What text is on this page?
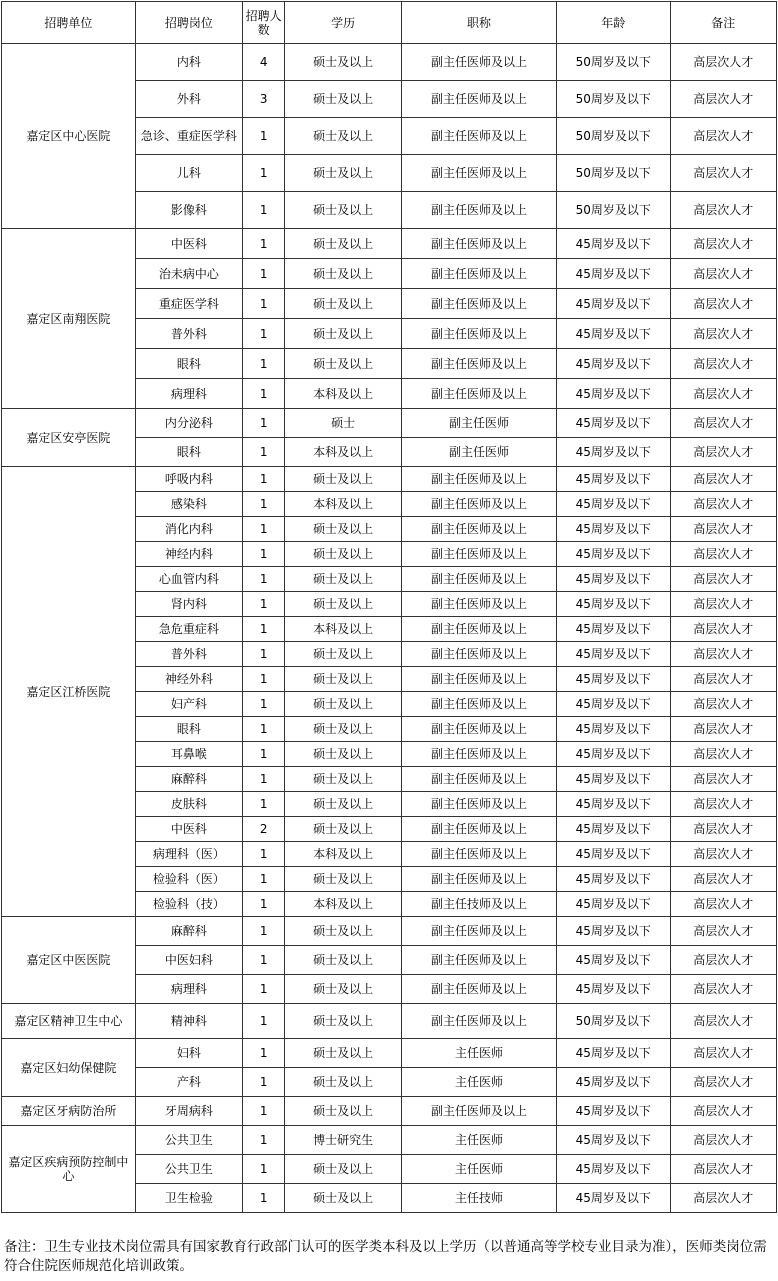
招聘单位	招聘岗位	招聘人数	学历	职称	年龄	备注
嘉定区中心医院	内科	4	硕士及以上	副主任医师及以上	50周岁及以下	高层次人才
	外科	3	硕士及以上	副主任医师及以上	50周岁及以下	高层次人才
	急诊、重症医学科	1	硕士及以上	副主任医师及以上	50周岁及以下	高层次人才
	儿科	1	硕士及以上	副主任医师及以上	50周岁及以下	高层次人才
	影像科	1	硕士及以上	副主任医师及以上	50周岁及以下	高层次人才
嘉定区南翔医院	中医科	1	硕士及以上	副主任医师及以上	45周岁及以下	高层次人才
	治未病中心	1	硕士及以上	副主任医师及以上	45周岁及以下	高层次人才
	重症医学科	1	硕士及以上	副主任医师及以上	45周岁及以下	高层次人才
	普外科	1	硕士及以上	副主任医师及以上	45周岁及以下	高层次人才
	眼科	1	硕士及以上	副主任医师及以上	45周岁及以下	高层次人才
	病理科	1	本科及以上	副主任医师及以上	45周岁及以下	高层次人才
嘉定区安亭医院	内分泌科	1	硕士	副主任医师	45周岁及以下	高层次人才
	眼科	1	本科及以上	副主任医师	45周岁及以下	高层次人才
嘉定区江桥医院	呼吸内科	1	硕士及以上	副主任医师及以上	45周岁及以下	高层次人才
	感染科	1	本科及以上	副主任医师及以上	45周岁及以下	高层次人才
	消化内科	1	硕士及以上	副主任医师及以上	45周岁及以下	高层次人才
	神经内科	1	硕士及以上	副主任医师及以上	45周岁及以下	高层次人才
	心血管内科	1	硕士及以上	副主任医师及以上	45周岁及以下	高层次人才
	肾内科	1	硕士及以上	副主任医师及以上	45周岁及以下	高层次人才
	急危重症科	1	本科及以上	副主任医师及以上	45周岁及以下	高层次人才
	普外科	1	硕士及以上	副主任医师及以上	45周岁及以下	高层次人才
	神经外科	1	硕士及以上	副主任医师及以上	45周岁及以下	高层次人才
	妇产科	1	硕士及以上	副主任医师及以上	45周岁及以下	高层次人才
	眼科	1	硕士及以上	副主任医师及以上	45周岁及以下	高层次人才
	耳鼻喉	1	硕士及以上	副主任医师及以上	45周岁及以下	高层次人才
	麻醉科	1	硕士及以上	副主任医师及以上	45周岁及以下	高层次人才
	皮肤科	1	硕士及以上	副主任医师及以上	45周岁及以下	高层次人才
	中医科	2	硕士及以上	副主任医师及以上	45周岁及以下	高层次人才
	病理科（医）	1	本科及以上	副主任医师及以上	45周岁及以下	高层次人才
	检验科（医）	1	硕士及以上	副主任医师及以上	45周岁及以下	高层次人才
	检验科（技）	1	本科及以上	副主任技师及以上	45周岁及以下	高层次人才
嘉定区中医医院	麻醉科	1	硕士及以上	副主任医师及以上	45周岁及以下	高层次人才
	中医妇科	1	硕士及以上	副主任医师及以上	45周岁及以下	高层次人才
	病理科	1	硕士及以上	副主任医师及以上	45周岁及以下	高层次人才
嘉定区精神卫生中心	精神科	1	硕士及以上	副主任医师及以上	50周岁及以下	高层次人才
嘉定区妇幼保健院	妇科	1	硕士及以上	主任医师	45周岁及以下	高层次人才
	产科	1	硕士及以上	主任医师	45周岁及以下	高层次人才
嘉定区牙病防治所	牙周病科	1	硕士及以上	副主任医师及以上	45周岁及以下	高层次人才
嘉定区疾病预防控制中心	公共卫生	1	博士研究生	主任医师	45周岁及以下	高层次人才
	公共卫生	1	硕士及以上	主任医师	45周岁及以下	高层次人才
	卫生检验	1	硕士及以上	主任技师	45周岁及以下	高层次人才
备注：卫生专业技术岗位需具有国家教育行政部门认可的医学类本科及以上学历（以普通高等学校专业目录为准），医师类岗位需符合住院医师规范化培训政策。
